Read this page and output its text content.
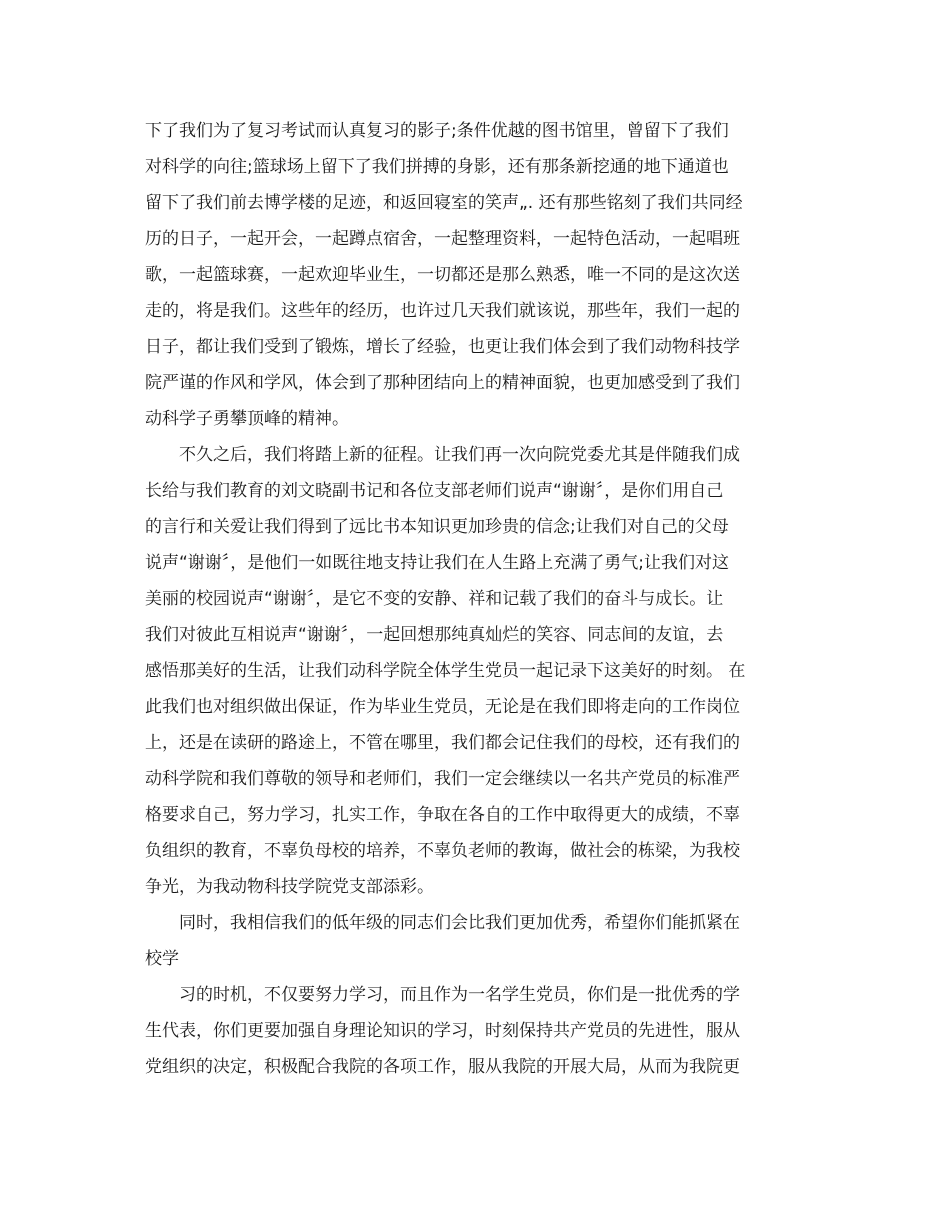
下了我们为了复习考试而认真复习的影子;条件优越的图书馆里，曾留下了我们
对科学的向往;篮球场上留下了我们拼搏的身影，还有那条新挖通的地下通道也
留下了我们前去博学楼的足迹，和返回寝室的笑声„. 还有那些铭刻了我们共同经
历的日子，一起开会，一起蹲点宿舍，一起整理资料，一起特色活动，一起唱班
歌，一起篮球赛，一起欢迎毕业生，一切都还是那么熟悉，唯一不同的是这次送
走的，将是我们。这些年的经历，也许过几天我们就该说，那些年，我们一起的
日子，都让我们受到了锻炼，增长了经验，也更让我们体会到了我们动物科技学
院严谨的作风和学风，体会到了那种团结向上的精神面貌，也更加感受到了我们
动科学子勇攀顶峰的精神。
　　不久之后，我们将踏上新的征程。让我们再一次向院党委尤其是伴随我们成
长给与我们教育的刘文晓副书记和各位支部老师们说声“谢谢〞，是你们用自己
的言行和关爱让我们得到了远比书本知识更加珍贵的信念;让我们对自己的父母
说声“谢谢〞，是他们一如既往地支持让我们在人生路上充满了勇气;让我们对这
美丽的校园说声“谢谢〞，是它不变的安静、祥和记载了我们的奋斗与成长。让
我们对彼此互相说声“谢谢〞，一起回想那纯真灿烂的笑容、同志间的友谊，去
感悟那美好的生活，让我们动科学院全体学生党员一起记录下这美好的时刻。 在
此我们也对组织做出保证，作为毕业生党员，无论是在我们即将走向的工作岗位
上，还是在读研的路途上，不管在哪里，我们都会记住我们的母校，还有我们的
动科学院和我们尊敬的领导和老师们，我们一定会继续以一名共产党员的标准严
格要求自己，努力学习，扎实工作，争取在各自的工作中取得更大的成绩，不辜
负组织的教育，不辜负母校的培养，不辜负老师的教诲，做社会的栋梁，为我校
争光，为我动物科技学院党支部添彩。
　　同时，我相信我们的低年级的同志们会比我们更加优秀，希望你们能抓紧在
校学
　　习的时机，不仅要努力学习，而且作为一名学生党员，你们是一批优秀的学
生代表，你们更要加强自身理论知识的学习，时刻保持共产党员的先进性，服从
党组织的决定，积极配合我院的各项工作，服从我院的开展大局，从而为我院更
